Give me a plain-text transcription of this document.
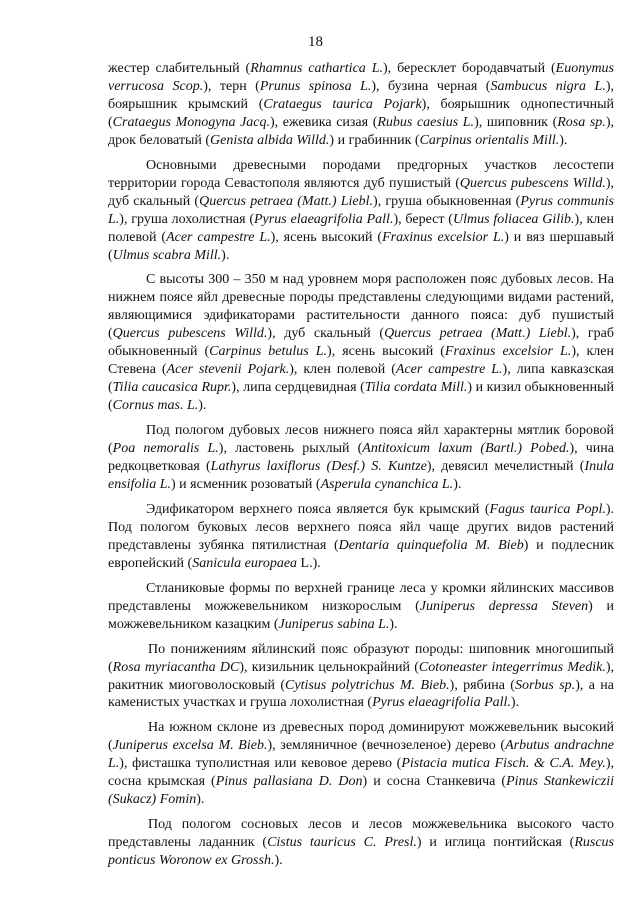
18

жестер слабительный (Rhamnus cathartica L.), бересклет бородавчатый (Euonymus verrucosa Scop.), терн (Prunus spinosa L.), бузина черная (Sambucus nigra L.), боярышник крымский (Crataegus taurica Pojark), боярышник однопестичный (Crataegus Monogyna Jacq.), ежевика сизая (Rubus caesius L.), шиповник (Rosa sp.), дрок беловатый (Genista albida Willd.) и грабинник (Carpinus orientalis Mill.).

Основными древесными породами предгорных участков лесостепи территории города Севастополя являются дуб пушистый (Quercus pubescens Willd.), дуб скальный (Quercus petraea (Matt.) Liebl.), груша обыкновенная (Pyrus communis L.), груша лохолистная (Pyrus elaeagrifolia Pall.), берест (Ulmus foliacea Gilib.), клен полевой (Acer campestre L.), ясень высокий (Fraxinus excelsior L.) и вяз шершавый (Ulmus scabra Mill.).

С высоты 300 – 350 м над уровнем моря расположен пояс дубовых лесов. На нижнем поясе яйл древесные породы представлены следующими видами растений, являющимися эдификаторами растительности данного пояса: дуб пушистый (Quercus pubescens Willd.), дуб скальный (Quercus petraea (Matt.) Liebl.), граб обыкновенный (Carpinus betulus L.), ясень высокий (Fraxinus excelsior L.), клен Стевена (Acer stevenii Pojark.), клен полевой (Acer campestre L.), липа кавказская (Tilia caucasica Rupr.), липа сердцевидная (Tilia cordata Mill.) и кизил обыкновенный (Cornus mas. L.).

Под пологом дубовых лесов нижнего пояса яйл характерны мятлик боровой (Poa nemoralis L.), ластовень рыхлый (Antitoxicum laxum (Bartl.) Pobed.), чина редкоцветковая (Lathyrus laxiflorus (Desf.) S. Kuntze), девясил мечелистный (Inula ensifolia L.) и ясменник розоватый (Asperula cynanchica L.).

Эдификатором верхнего пояса является бук крымский (Fagus taurica Popl.). Под пологом буковых лесов верхнего пояса яйл чаще других видов растений представлены зубянка пятилистная (Dentaria quinquefolia M. Bieb) и подлесник европейский (Sanicula europaea L.).

Стланиковые формы по верхней границе леса у кромки яйлинских массивов представлены можжевельником низкорослым (Juniperus depressa Steven) и можжевельником казацким (Juniperus sabina L.).

По понижениям яйлинский пояс образуют породы: шиповник многошипый (Rosa myriacantha DC), кизильник цельнокрайний (Cotoneaster integerrimus Medik.), ракитник миоговолосковый (Cytisus polytrichus M. Bieb.), рябина (Sorbus sp.), а на каменистых участках и груша лохолистная (Pyrus elaeagrifolia Pall.).

На южном склоне из древесных пород доминируют можжевельник высокий (Juniperus excelsa M. Bieb.), земляничное (вечнозеленое) дерево (Arbutus andrachne L.), фисташка туполистная или кевовое дерево (Pistacia mutica Fisch. & C.A. Mey.), сосна крымская (Pinus pallasiana D. Don) и сосна Станкевича (Pinus Stankewiczii (Sukacz) Fomin).

Под пологом сосновых лесов и лесов можжевельника высокого часто представлены ладанник (Cistus tauricus C. Presl.) и иглица понтийская (Ruscus ponticus Woronow ex Grossh.).
